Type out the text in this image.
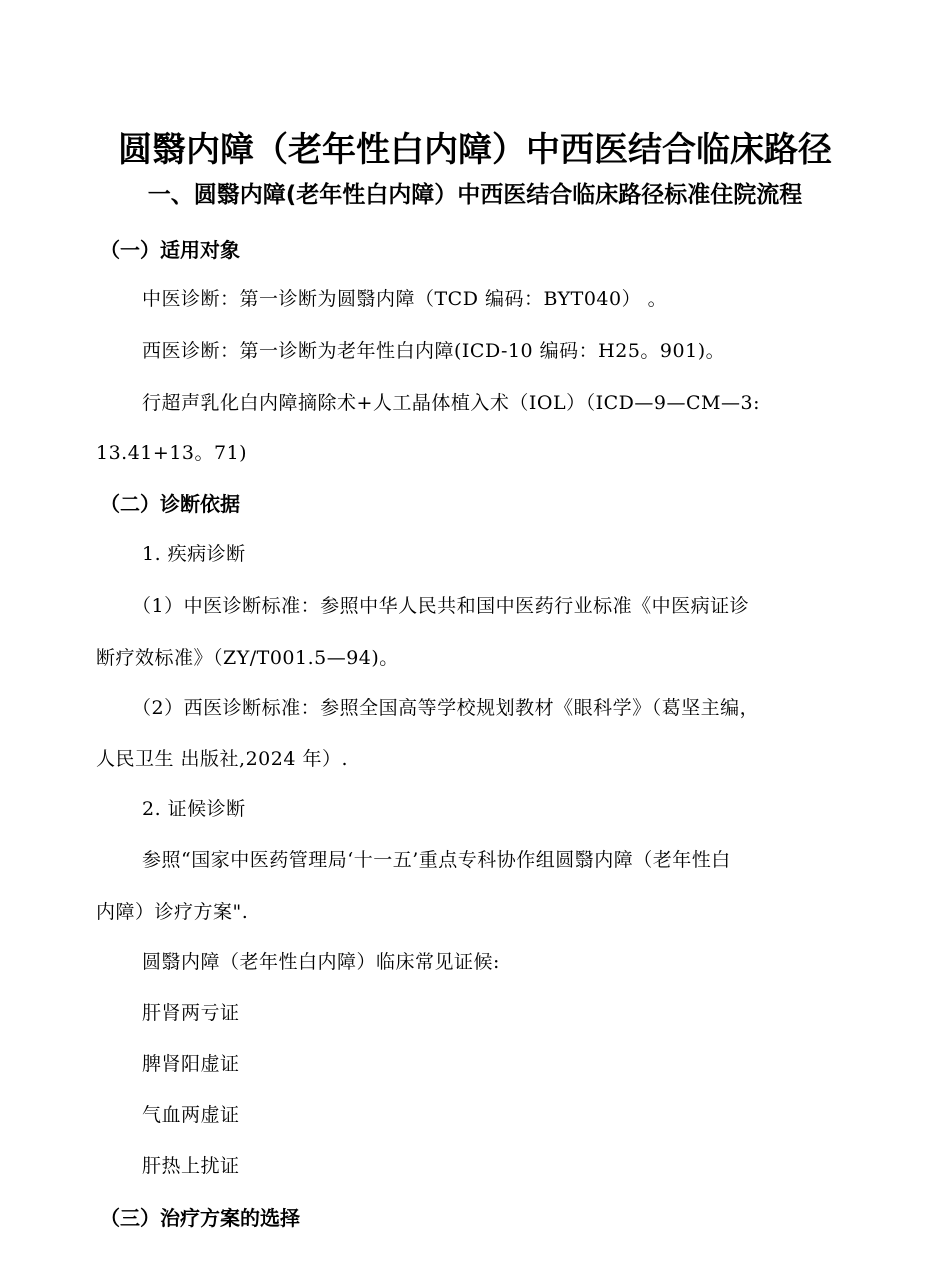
圆翳内障（老年性白内障）中西医结合临床路径
一、圆翳内障(老年性白内障）中西医结合临床路径标准住院流程
（一）适用对象
中医诊断：第一诊断为圆翳内障（TCD 编码：BYT040） 。
西医诊断：第一诊断为老年性白内障(ICD-10 编码：H25。901)。
行超声乳化白内障摘除术+人工晶体植入术（IOL）（ICD—9—CM—3:
13.41+13。71)
（二）诊断依据
1. 疾病诊断
（1）中医诊断标准：参照中华人民共和国中医药行业标准《中医病证诊
断疗效标准》（ZY/T001.5—94)。
（2）西医诊断标准：参照全国高等学校规划教材《眼科学》（葛坚主编，
人民卫生 出版社,2024 年）.
2. 证候诊断
参照“国家中医药管理局‘十一五’重点专科协作组圆翳内障（老年性白
内障）诊疗方案".
圆翳内障（老年性白内障）临床常见证候:
肝肾两亏证
脾肾阳虚证
气血两虚证
肝热上扰证
（三）治疗方案的选择
